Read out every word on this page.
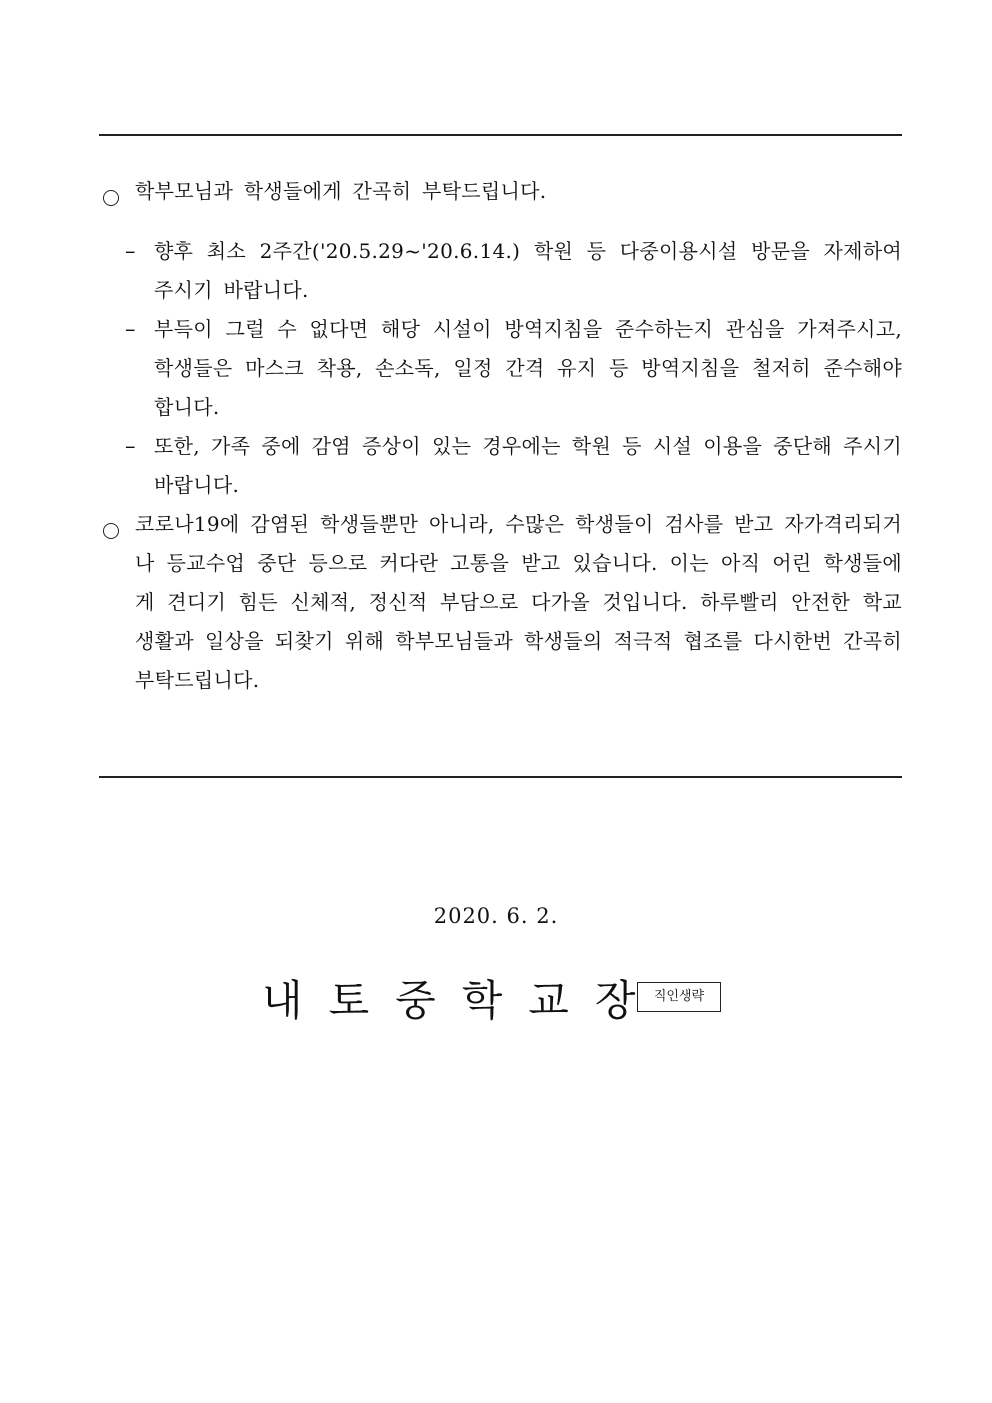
학부모님과 학생들에게 간곡히 부탁드립니다.
– 향후 최소 2주간('20.5.29~'20.6.14.) 학원 등 다중이용시설 방문을 자제하여 주시기 바랍니다.
– 부득이 그럴 수 없다면 해당 시설이 방역지침을 준수하는지 관심을 가져주시고, 학생들은 마스크 착용, 손소독, 일정 간격 유지 등 방역지침을 철저히 준수해야 합니다.
– 또한, 가족 중에 감염 증상이 있는 경우에는 학원 등 시설 이용을 중단해 주시기 바랍니다.
코로나19에 감염된 학생들뿐만 아니라, 수많은 학생들이 검사를 받고 자가격리되거나 등교수업 중단 등으로 커다란 고통을 받고 있습니다. 이는 아직 어린 학생들에게 견디기 힘든 신체적, 정신적 부담으로 다가올 것입니다. 하루빨리 안전한 학교생활과 일상을 되찾기 위해 학부모님들과 학생들의 적극적 협조를 다시한번 간곡히 부탁드립니다.
2020. 6. 2.
내토중학교장
직인생략
